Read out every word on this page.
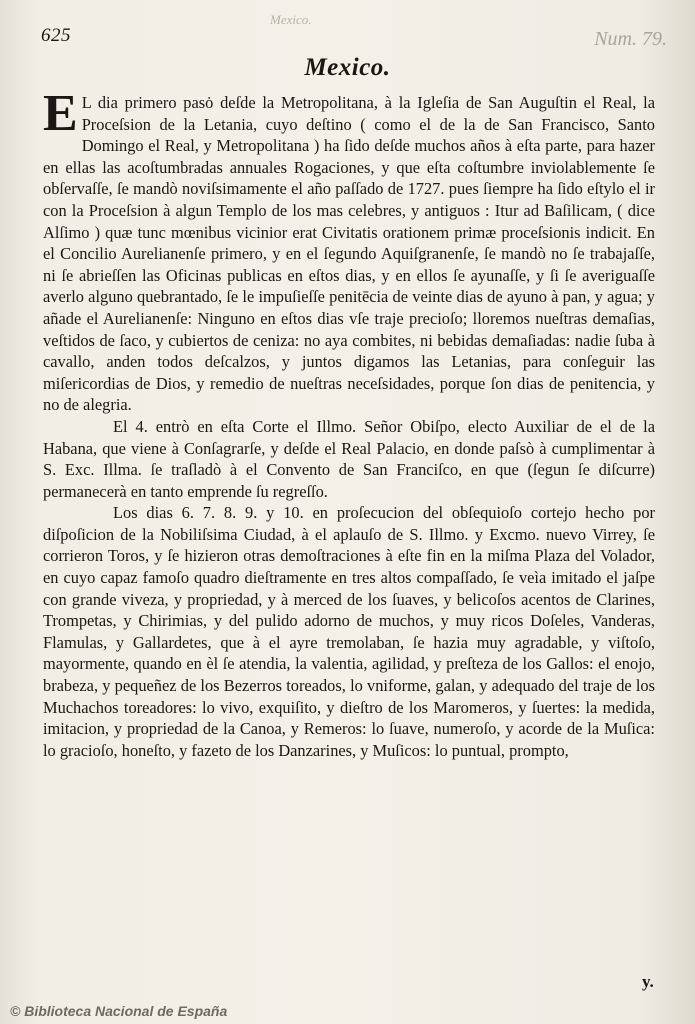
Mexico.
Num. 79.
625
Mexico.

E L dia primero pasȯ deſde la Metropolitana, à la Igleſia de San Auguſtin el Real, la Proceſsion de la Letania, cuyo deſtino ( como el de la de San Francisco, Santo Domingo el Real, y Metropolitana ) ha ſido deſde muchos años à eſta parte, para hazer en ellas las acoſtumbradas annuales Rogaciones, y que eſta coſtumbre inviolablemente ſe obſervaſſe, ſe mandò noviſsimamente el año paſſado de 1727. pues ſiempre ha ſido eſtylo el ir con la Proceſsion à algun Templo de los mas celebres, y antiguos : Itur ad Baſilicam, ( dice Alſimo ) quæ tunc mœnibus vicinior erat Civitatis orationem primæ proceſsionis indicit. En el Concilio Aurelianenſe primero, y en el ſegundo Aquiſgranenſe, ſe mandò no ſe trabajaſſe, ni ſe abrieſſen las Oficinas publicas en eſtos dias, y en ellos ſe ayunaſſe, y ſi ſe averiguaſſe averlo alguno quebrantado, ſe le impuſieſſe penitēcia de veinte dias de ayuno à pan, y agua; y añade el Aurelianenſe: Ninguno en eſtos dias vſe traje precioſo; lloremos nueſtras demaſias, veſtidos de ſaco, y cubiertos de ceniza: no aya combites, ni bebidas demaſiadas: nadie ſuba à cavallo, anden todos deſcalzos, y juntos digamos las Letanias, para conſeguir las miſericordias de Dios, y remedio de nueſtras neceſsidades, porque ſon dias de penitencia, y no de alegria.

El 4. entrò en eſta Corte el Illmo. Señor Obiſpo, electo Auxiliar de el de la Habana, que viene à Conſagrarſe, y deſde el Real Palacio, en donde paſsò à cumplimentar à S. Exc. Illma. ſe traſladò à el Convento de San Franciſco, en que (ſegun ſe diſcurre) permanecerà en tanto emprende ſu regreſſo.

Los dias 6. 7. 8. 9. y 10. en proſecucion del obſequioſo cortejo hecho por diſpoſicion de la Nobiliſsima Ciudad, à el aplauſo de S. Illmo. y Excmo. nuevo Virrey, ſe corrieron Toros, y ſe hizieron otras demoſtraciones à eſte fin en la miſma Plaza del Volador, en cuyo capaz famoſo quadro dieſtramente en tres altos compaſſado, ſe veìa imitado el jaſpe con grande viveza, y propriedad, y à merced de los ſuaves, y belicoſos acentos de Clarines, Trompetas, y Chirimias, y del pulido adorno de muchos, y muy ricos Doſeles, Vanderas, Flamulas, y Gallardetes, que à el ayre tremolaban, ſe hazia muy agradable, y viſtoſo, mayormente, quando en èl ſe atendia, la valentia, agilidad, y preſteza de los Gallos: el enojo, brabeza, y pequeñez de los Bezerros toreados, lo vniforme, galan, y adequado del traje de los Muchachos toreadores: lo vivo, exquiſito, y dieſtro de los Maromeros, y ſuertes: la medida, imitacion, y propriedad de la Canoa, y Remeros: lo ſuave, numeroſo, y acorde de la Muſica: lo gracioſo, honeſto, y fazeto de los Danzarines, y Muſicos: lo puntual, prompto,

y.
© Biblioteca Nacional de España
